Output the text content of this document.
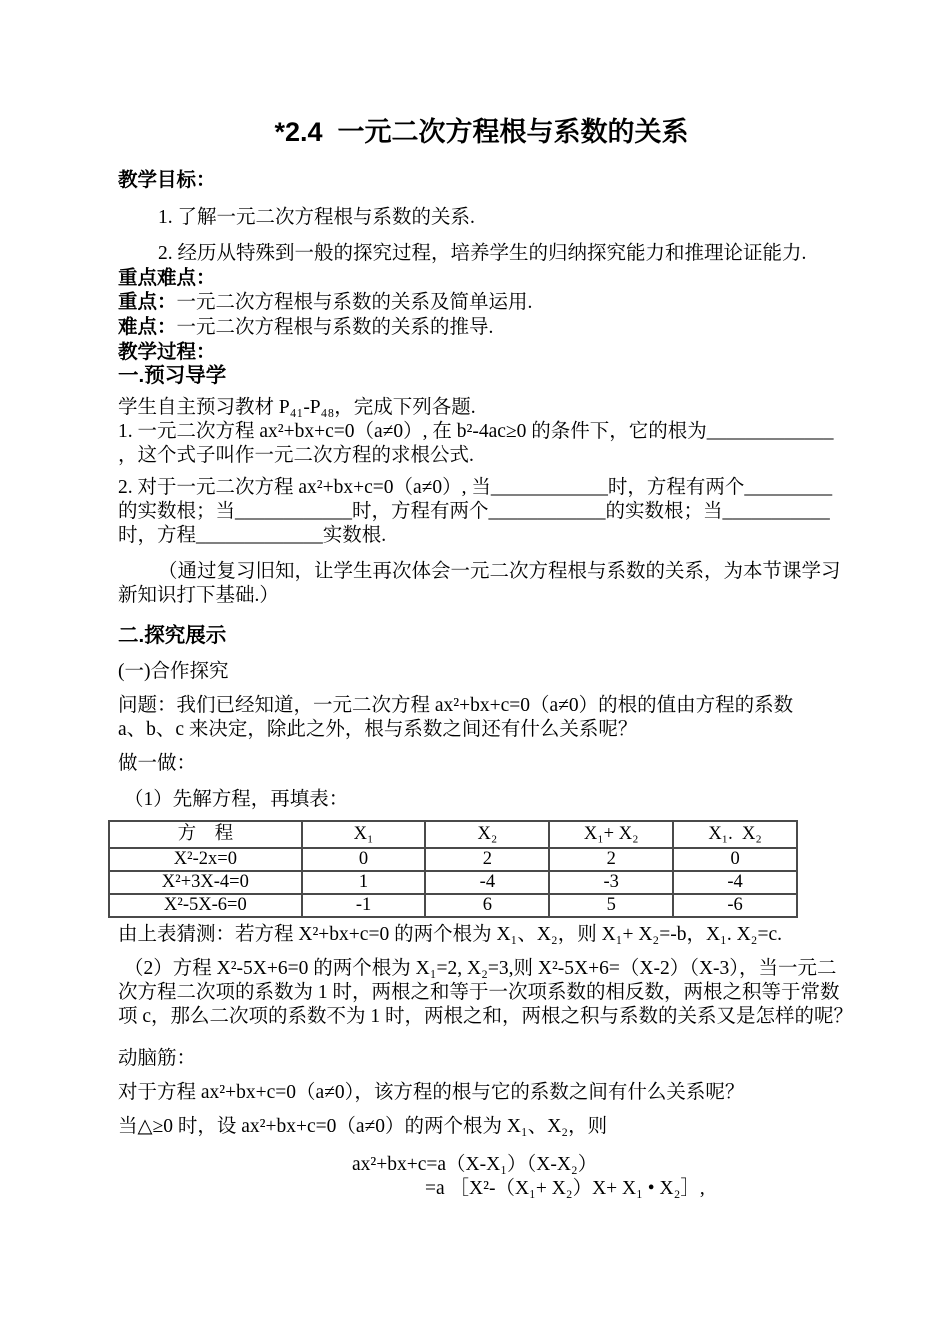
*2.4  一元二次方程根与系数的关系
教学目标：
1. 了解一元二次方程根与系数的关系.
2. 经历从特殊到一般的探究过程，培养学生的归纳探究能力和推理论证能力.
重点难点：
重点：一元二次方程根与系数的关系及简单运用.
难点：一元二次方程根与系数的关系的推导.
教学过程：
一.预习导学
学生自主预习教材 P₄₁-P₄₈，完成下列各题.
1. 一元二次方程 ax²+bx+c=0（a≠0）, 在 b²-4ac≥0 的条件下，它的根为_____________
，这个式子叫作一元二次方程的求根公式.
2. 对于一元二次方程 ax²+bx+c=0（a≠0）, 当____________时，方程有两个_________
的实数根；当____________时，方程有两个____________的实数根；当___________
时，方程_____________实数根.
（通过复习旧知，让学生再次体会一元二次方程根与系数的关系，为本节课学习
新知识打下基础.）
二.探究展示
(一)合作探究
问题：我们已经知道，一元二次方程 ax²+bx+c=0（a≠0）的根的值由方程的系数
a、b、c 来决定，除此之外，根与系数之间还有什么关系呢？
做一做：
（1）先解方程，再填表：
方　程	X₁	X₂	X₁+ X₂	X₁.  X₂
X²-2x=0	0	2	2	0
X²+3X-4=0	1	-4	-3	-4
X²-5X-6=0	-1	6	5	-6
由上表猜测：若方程 X²+bx+c=0 的两个根为 X₁、X₂，则 X₁+ X₂=-b，X₁. X₂=c.
（2）方程 X²-5X+6=0 的两个根为 X₁=2, X₂=3,则 X²-5X+6=（X-2）（X-3），当一元二
次方程二次项的系数为 1 时，两根之和等于一次项系数的相反数，两根之积等于常数
项 c，那么二次项的系数不为 1 时，两根之和，两根之积与系数的关系又是怎样的呢？
动脑筋：
对于方程 ax²+bx+c=0（a≠0），该方程的根与它的系数之间有什么关系呢？
当△≥0 时，设 ax²+bx+c=0（a≠0）的两个根为 X₁、X₂，则
ax²+bx+c=a（X-X₁）（X-X₂）
=a ［X²-（X₁+ X₂）X+ X₁ • X₂］,
